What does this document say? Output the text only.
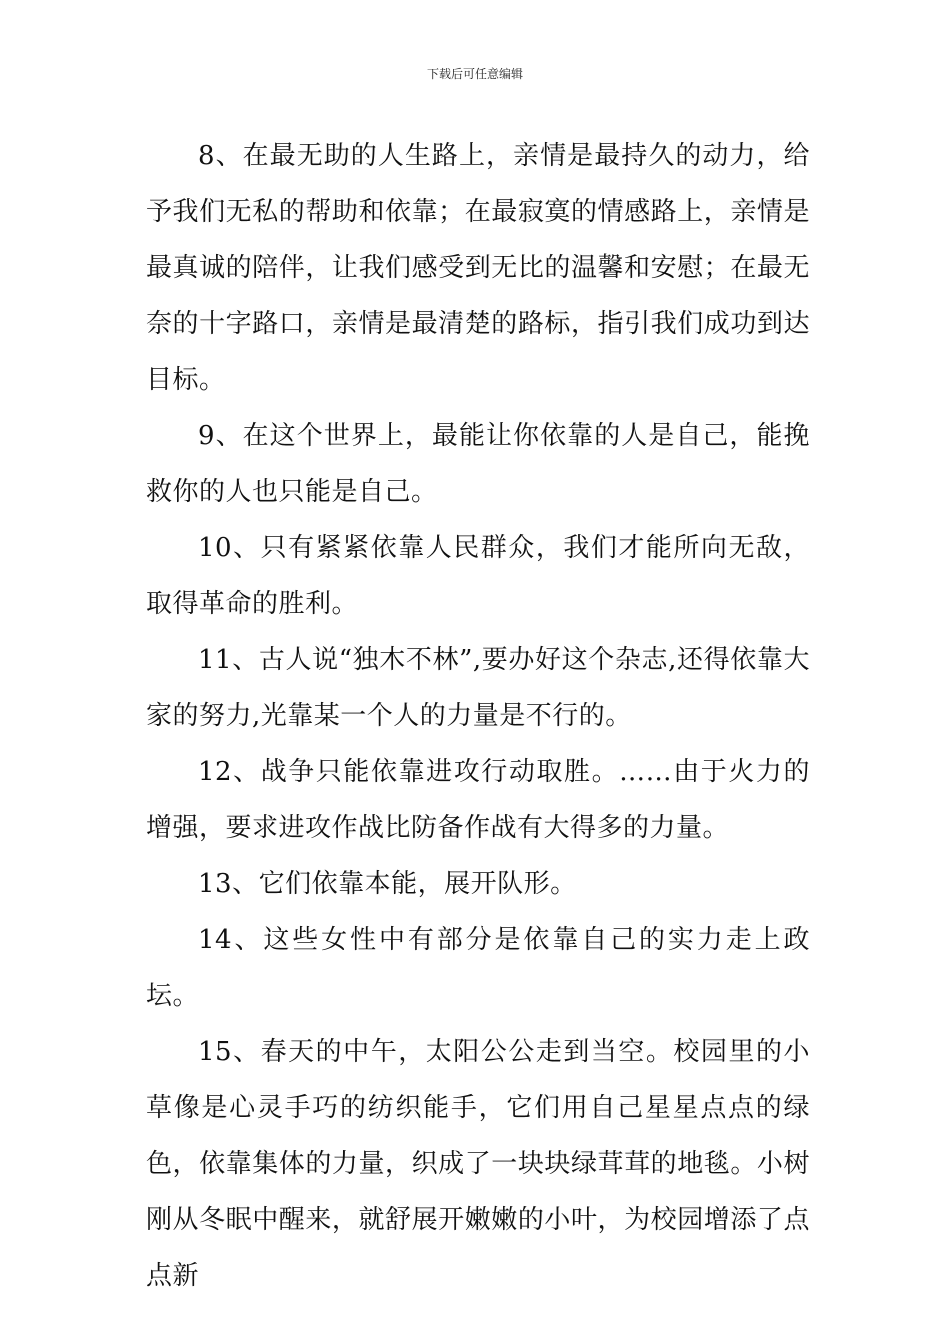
下载后可任意编辑

8、在最无助的人生路上，亲情是最持久的动力，给予我们无私的帮助和依靠；在最寂寞的情感路上，亲情是最真诚的陪伴，让我们感受到无比的温馨和安慰；在最无奈的十字路口，亲情是最清楚的路标，指引我们成功到达目标。

9、在这个世界上，最能让你依靠的人是自己，能挽救你的人也只能是自己。

10、只有紧紧依靠人民群众，我们才能所向无敌，取得革命的胜利。

11、古人说“独木不林”,要办好这个杂志,还得依靠大家的努力,光靠某一个人的力量是不行的。

12、战争只能依靠进攻行动取胜。……由于火力的增强，要求进攻作战比防备作战有大得多的力量。

13、它们依靠本能，展开队形。

14、这些女性中有部分是依靠自己的实力走上政坛。

15、春天的中午，太阳公公走到当空。校园里的小草像是心灵手巧的纺织能手，它们用自己星星点点的绿色，依靠集体的力量，织成了一块块绿茸茸的地毯。小树刚从冬眠中醒来，就舒展开嫩嫩的小叶，为校园增添了点点新
